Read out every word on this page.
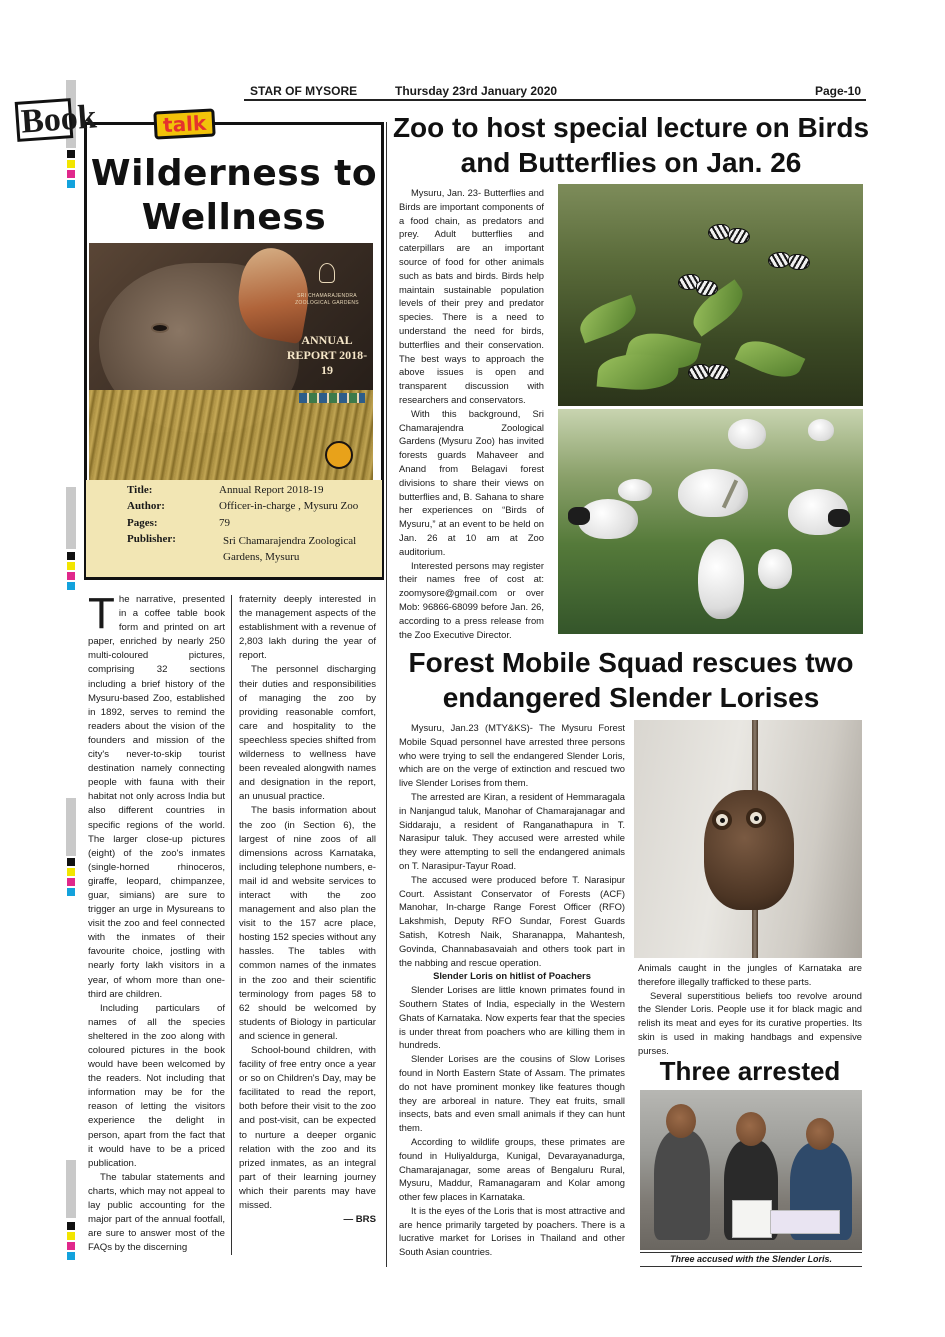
STAR OF MYSORE	Thursday 23rd January 2020	Page-10
Book	talk
Wilderness to Wellness
SRI CHAMARAJENDRA ZOOLOGICAL GARDENS
ANNUAL REPORT 2018-19
Title:	Annual Report 2018-19
Author:	Officer-in-charge , Mysuru Zoo
Pages:	79
Publisher:	Sri Chamarajendra Zoological Gardens, Mysuru

The narrative, presented in a coffee table book form and printed on art paper, enriched by nearly 250 multi-coloured pictures, comprising 32 sections including a brief history of the Mysuru-based Zoo, established in 1892, serves to remind the readers about the vision of the founders and mission of the city's never-to-skip tourist destination namely connecting people with fauna with their habitat not only across India but also different countries in specific regions of the world. The larger close-up pictures (eight) of the zoo's inmates (single-horned rhinoceros, giraffe, leopard, chimpanzee, guar, simians) are sure to trigger an urge in Mysureans to visit the zoo and feel connected with the inmates of their favourite choice, jostling with nearly forty lakh visitors in a year, of whom more than one-third are children.

Including particulars of names of all the species sheltered in the zoo along with coloured pictures in the book would have been welcomed by the readers. Not including that information may be for the reason of letting the visitors experience the delight in person, apart from the fact that it would have to be a priced publication.

The tabular statements and charts, which may not appeal to lay public accounting for the major part of the annual footfall, are sure to answer most of the FAQs by the discerning

fraternity deeply interested in the management aspects of the establishment with a revenue of 2,803 lakh during the year of report.

The personnel discharging their duties and responsibilities of managing the zoo by providing reasonable comfort, care and hospitality to the speechless species shifted from wilderness to wellness have been revealed alongwith names and designation in the report, an unusual practice.

The basis information about the zoo (in Section 6), the largest of nine zoos of all dimensions across Karnataka, including telephone numbers, e-mail id and website services to interact with the zoo management and also plan the visit to the 157 acre place, hosting 152 species without any hassles. The tables with common names of the inmates in the zoo and their scientific terminology from pages 58 to 62 should be welcomed by students of Biology in particular and science in general.

School-bound children, with facility of free entry once a year or so on Children's Day, may be facilitated to read the report, both before their visit to the zoo and post-visit, can be expected to nurture a deeper organic relation with the zoo and its prized inmates, as an integral part of their learning journey which their parents may have missed.

— BRS

Zoo to host special lecture on Birds and Butterflies on Jan. 26

Mysuru, Jan. 23- Butterflies and Birds are important components of a food chain, as predators and prey. Adult butterflies and caterpillars are an important source of food for other animals such as bats and birds. Birds help maintain sustainable population levels of their prey and predator species. There is a need to understand the need for birds, butterflies and their conservation. The best ways to approach the above issues is open and transparent discussion with researchers and conservators.

With this background, Sri Chamarajendra Zoological Gardens (Mysuru Zoo) has invited forests guards Mahaveer and Anand from Belagavi forest divisions to share their views on butterflies and, B. Sahana to share her experiences on “Birds of Mysuru,” at an event to be held on Jan. 26 at 10 am at Zoo auditorium.

Interested persons may register their names free of cost at: zoomysore@gmail.com or over Mob: 96866-68099 before Jan. 26, according to a press release from the Zoo Executive Director.

Forest Mobile Squad rescues two endangered Slender Lorises

Mysuru, Jan.23 (MTY&KS)- The Mysuru Forest Mobile Squad personnel have arrested three persons who were trying to sell the endangered Slender Loris, which are on the verge of extinction and rescued two live Slender Lorises from them.

The arrested are Kiran, a resident of Hemmaragala in Nanjangud taluk, Manohar of Chamarajanagar and Siddaraju, a resident of Ranganathapura in T. Narasipur taluk. They accused were arrested while they were attempting to sell the endangered animals on T. Narasipur-Tayur Road.

The accused were produced before T. Narasipur Court. Assistant Conservator of Forests (ACF) Manohar, In-charge Range Forest Officer (RFO) Lakshmish, Deputy RFO Sundar, Forest Guards Satish, Kotresh Naik, Sharanappa, Mahantesh, Govinda, Channabasavaiah and others took part in the nabbing and rescue operation.

Slender Loris on hitlist of Poachers

Slender Lorises are little known primates found in Southern States of India, especially in the Western Ghats of Karnataka. Now experts fear that the species is under threat from poachers who are killing them in hundreds.

Slender Lorises are the cousins of Slow Lorises found in North Eastern State of Assam. The primates do not have prominent monkey like features though they are arboreal in nature. They eat fruits, small insects, bats and even small animals if they can hunt them.

According to wildlife groups, these primates are found in Huliyaldurga, Kunigal, Devarayanadurga, Chamarajanagar, some areas of Bengaluru Rural, Mysuru, Maddur, Ramanagaram and Kolar among other few places in Karnataka.

It is the eyes of the Loris that is most attractive and are hence primarily targeted by poachers. There is a lucrative market for Lorises in Thailand and other South Asian countries.

Animals caught in the jungles of Karnataka are therefore illegally trafficked to these parts.

Several superstitious beliefs too revolve around the Slender Loris. People use it for black magic and relish its meat and eyes for its curative properties. Its skin is used in making handbags and expensive purses.

Three arrested
Three accused with the Slender Loris.
